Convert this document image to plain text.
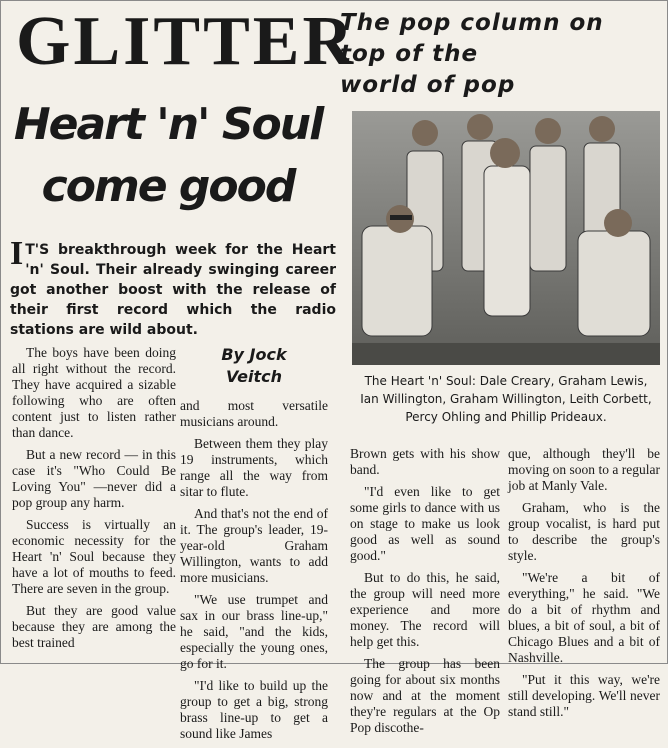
GLITTER
The pop column on
top of the
world of pop
Heart 'n' Soul
come good
The Heart 'n' Soul: Dale Creary, Graham Lewis, Ian Willington, Graham Willington, Leith Corbett, Percy Ohling and Phillip Prideaux.
I T'S breakthrough week for the Heart 'n' Soul. Their already swinging career got another boost with the release of their first record which the radio stations are wild about.
By Jock
Veitch

The boys have been doing all right without the record. They have acquired a sizable following who are often content just to listen rather than dance.

But a new record — in this case it's "Who Could Be Loving You" —never did a pop group any harm.

Success is virtually an economic necessity for the Heart 'n' Soul because they have a lot of mouths to feed. There are seven in the group.

But they are good value because they are among the best trained

and most versatile musicians around.

Between them they play 19 instruments, which range all the way from sitar to flute.

And that's not the end of it. The group's leader, 19-year-old Graham Willington, wants to add more musicians.

"We use trumpet and sax in our brass line-up," he said, "and the kids, especially the young ones, go for it.

"I'd like to build up the group to get a big, strong brass line-up to get a sound like James

Brown gets with his show band.

"I'd even like to get some girls to dance with us on stage to make us look good as well as sound good."

But to do this, he said, the group will need more experience and more money. The record will help get this.

The group has been going for about six months now and at the moment they're regulars at the Op Pop discothe-

que, although they'll be moving on soon to a regular job at Manly Vale.

Graham, who is the group vocalist, is hard put to describe the group's style.

"We're a bit of everything," he said. "We do a bit of rhythm and blues, a bit of soul, a bit of Chicago Blues and a bit of Nashville.

"Put it this way, we're still developing. We'll never stand still."
